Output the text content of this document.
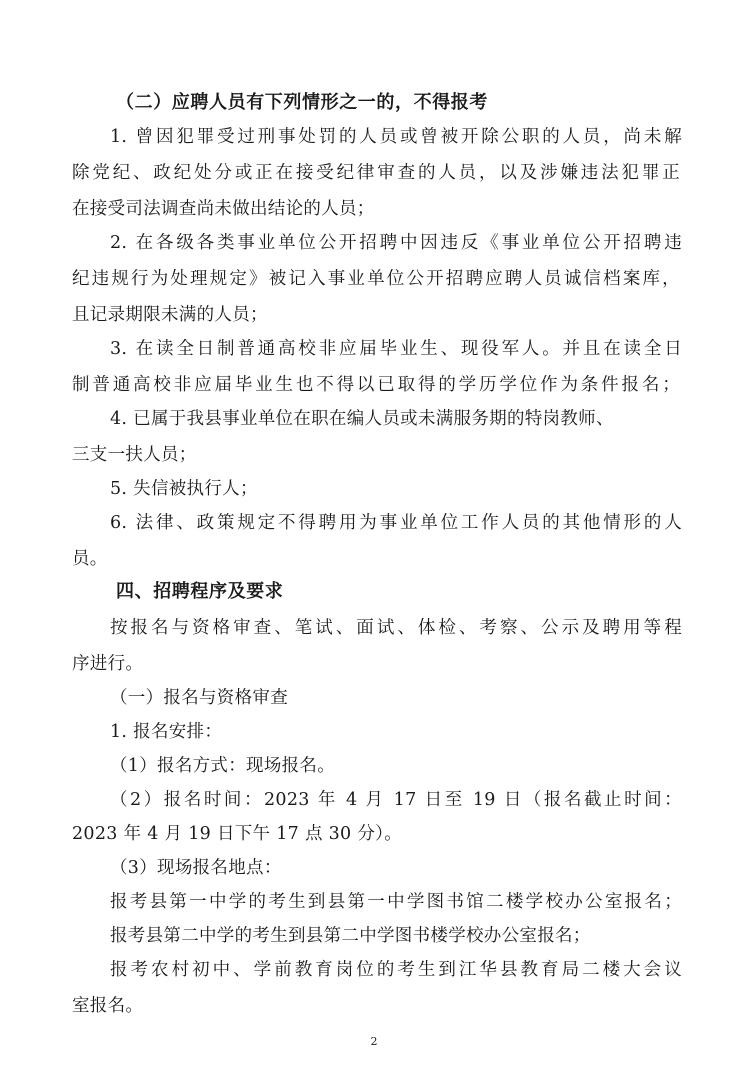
（二）应聘人员有下列情形之一的，不得报考
1. 曾因犯罪受过刑事处罚的人员或曾被开除公职的人员，尚未解
除党纪、政纪处分或正在接受纪律审查的人员，以及涉嫌违法犯罪正
在接受司法调查尚未做出结论的人员；
2. 在各级各类事业单位公开招聘中因违反《事业单位公开招聘违
纪违规行为处理规定》被记入事业单位公开招聘应聘人员诚信档案库，
且记录期限未满的人员；
3. 在读全日制普通高校非应届毕业生、现役军人。并且在读全日
制普通高校非应届毕业生也不得以已取得的学历学位作为条件报名；
4. 已属于我县事业单位在职在编人员或未满服务期的特岗教师、
三支一扶人员；
5. 失信被执行人；
6. 法律、政策规定不得聘用为事业单位工作人员的其他情形的人
员。
四、招聘程序及要求
按报名与资格审查、笔试、面试、体检、考察、公示及聘用等程
序进行。
（一）报名与资格审查
1. 报名安排：
（1）报名方式：现场报名。
（2）报名时间：2023 年 4 月 17 日至 19 日（报名截止时间：
2023 年 4 月 19 日下午 17 点 30 分）。
（3）现场报名地点：
报考县第一中学的考生到县第一中学图书馆二楼学校办公室报名；
报考县第二中学的考生到县第二中学图书楼学校办公室报名；
报考农村初中、学前教育岗位的考生到江华县教育局二楼大会议
室报名。
2
